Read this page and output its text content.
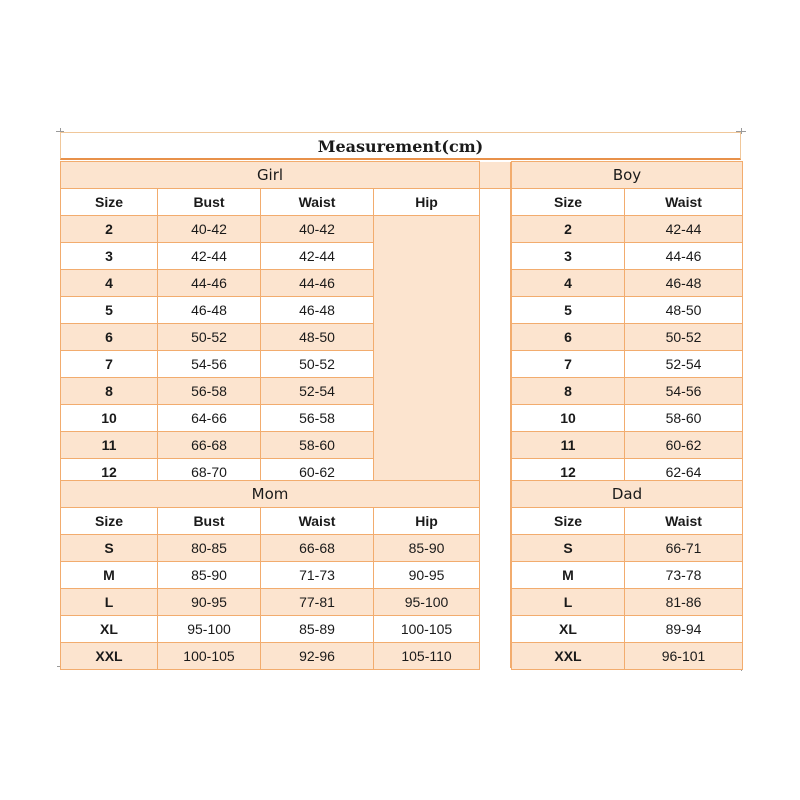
Measurement(cm)
Girl			
Size	Bust	Waist	Hip
2	40-42	40-42	
3	42-44	42-44	
4	44-46	44-46	
5	46-48	46-48	
6	50-52	48-50	
7	54-56	50-52	
8	56-58	52-54	
10	64-66	56-58	
11	66-68	58-60	
12	68-70	60-62	
Boy	
Size	Waist
2	42-44
3	44-46
4	46-48
5	48-50
6	50-52
7	52-54
8	54-56
10	58-60
11	60-62
12	62-64
Mom			
Size	Bust	Waist	Hip
S	80-85	66-68	85-90
M	85-90	71-73	90-95
L	90-95	77-81	95-100
XL	95-100	85-89	100-105
XXL	100-105	92-96	105-110
Dad	
Size	Waist
S	66-71
M	73-78
L	81-86
XL	89-94
XXL	96-101
